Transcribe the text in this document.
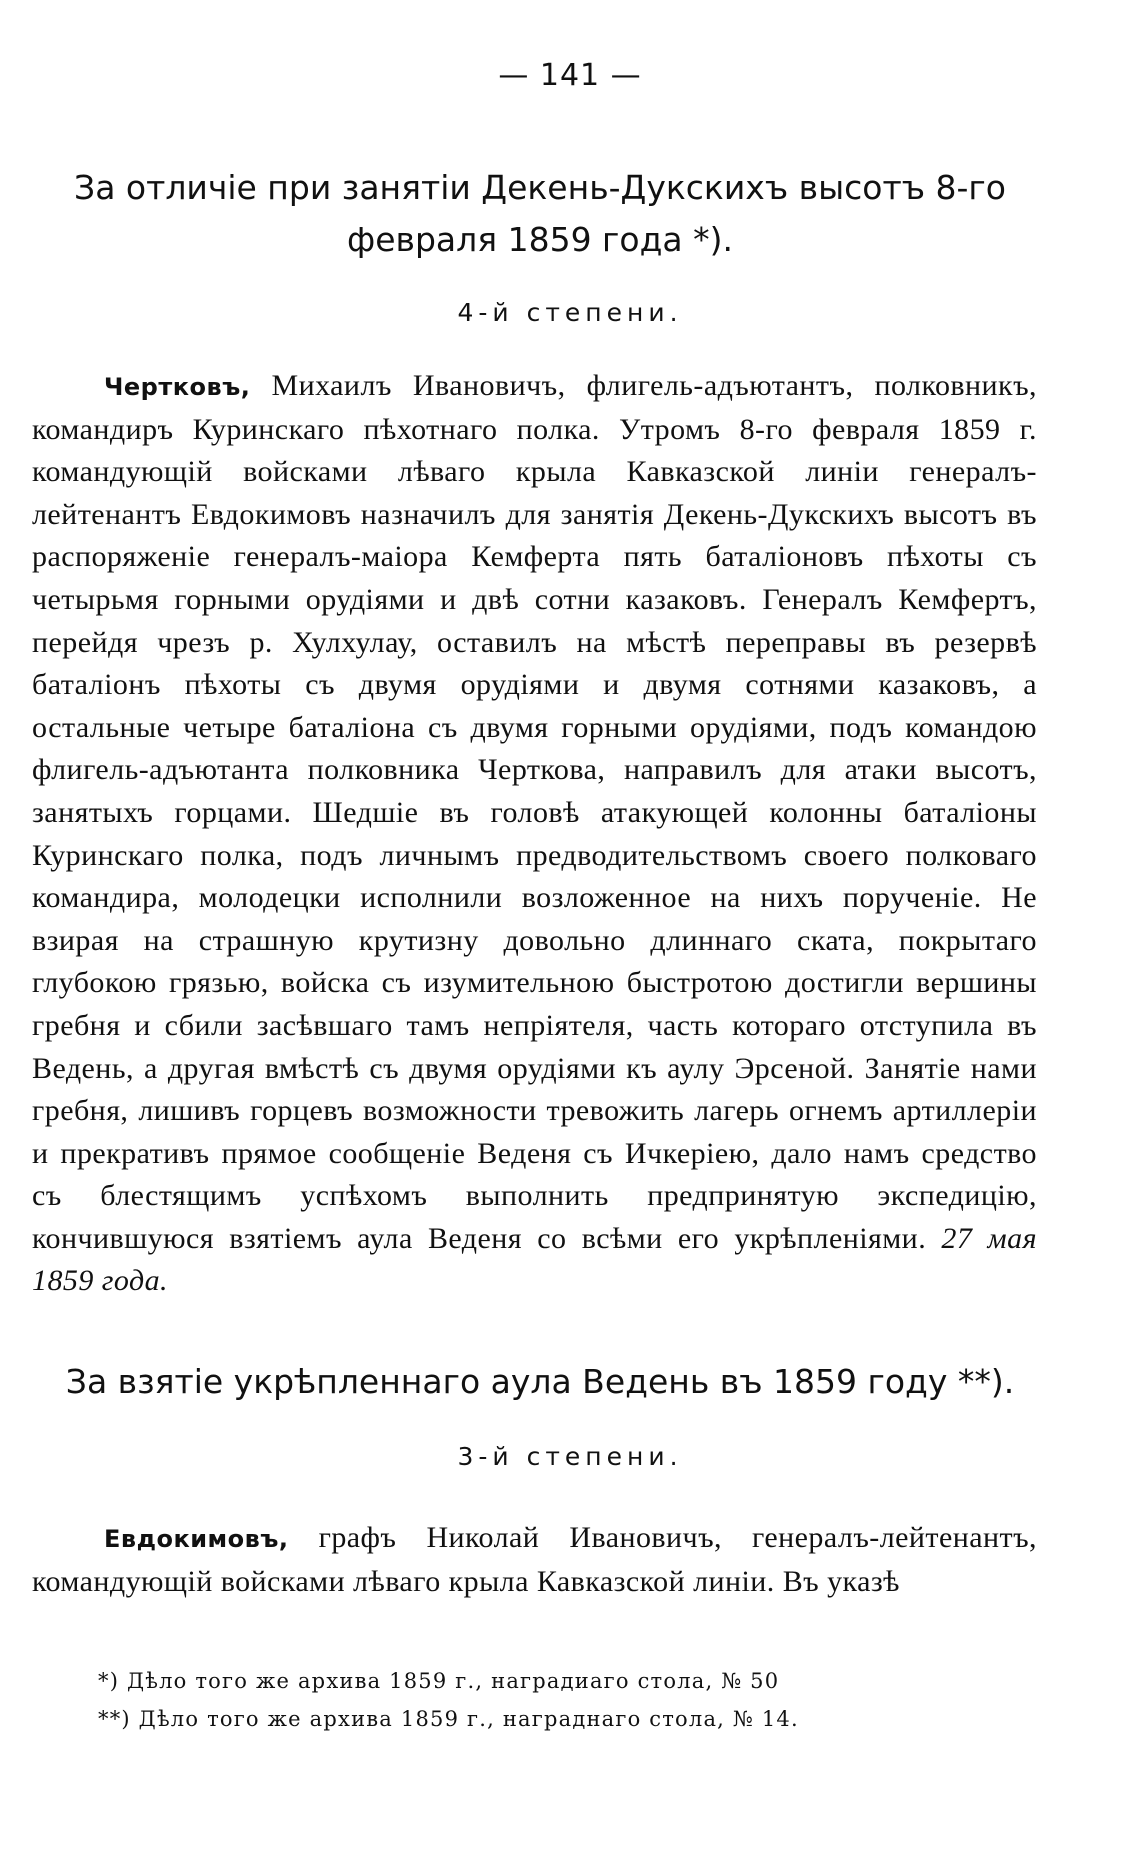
— 141 —
За отличіе при занятіи Декень-Дукскихъ высотъ 8-го февраля 1859 года *).
4-й степени.

Чертковъ, Михаилъ Ивановичъ, флигель-адъютантъ, полковникъ, командиръ Куринскаго пѣхотнаго полка. Утромъ 8-го февраля 1859 г. командующій войсками лѣваго крыла Кавказской линіи генералъ-лейтенантъ Евдокимовъ назначилъ для занятія Декень-Дукскихъ высотъ въ распоряженіе генералъ-маіора Кемферта пять баталіоновъ пѣхоты съ четырьмя горными орудіями и двѣ сотни казаковъ. Генералъ Кемфертъ, перейдя чрезъ р. Хулхулау, оставилъ на мѣстѣ переправы въ резервѣ баталіонъ пѣхоты съ двумя орудіями и двумя сотнями казаковъ, а остальные четыре баталіона съ двумя горными орудіями, подъ командою флигель-адъютанта полковника Черткова, направилъ для атаки высотъ, занятыхъ горцами. Шедшіе въ головѣ атакующей колонны баталіоны Куринскаго полка, подъ личнымъ предводительствомъ своего полковаго командира, молодецки исполнили возложенное на нихъ порученіе. Не взирая на страшную крутизну довольно длиннаго ската, покрытаго глубокою грязью, войска съ изумительною быстротою достигли вершины гребня и сбили засѣвшаго тамъ непріятеля, часть котораго отступила въ Ведень, а другая вмѣстѣ съ двумя орудіями къ аулу Эрсеной. Занятіе нами гребня, лишивъ горцевъ возможности тревожить лагерь огнемъ артиллеріи и прекративъ прямое сообщеніе Веденя съ Ичкеріею, дало намъ средство съ блестящимъ успѣхомъ выполнить предпринятую экспедицію, кончившуюся взятіемъ аула Веденя со всѣми его укрѣпленіями. 27 мая 1859 года.

За взятіе укрѣпленнаго аула Ведень въ 1859 году **).
3-й степени.

Евдокимовъ, графъ Николай Ивановичъ, генералъ-лейтенантъ, командующій войсками лѣваго крыла Кавказской линіи. Въ указѣ

*) Дѣло того же архива 1859 г., наградиаго стола, № 50
**) Дѣло того же архива 1859 г., награднаго стола, № 14.
